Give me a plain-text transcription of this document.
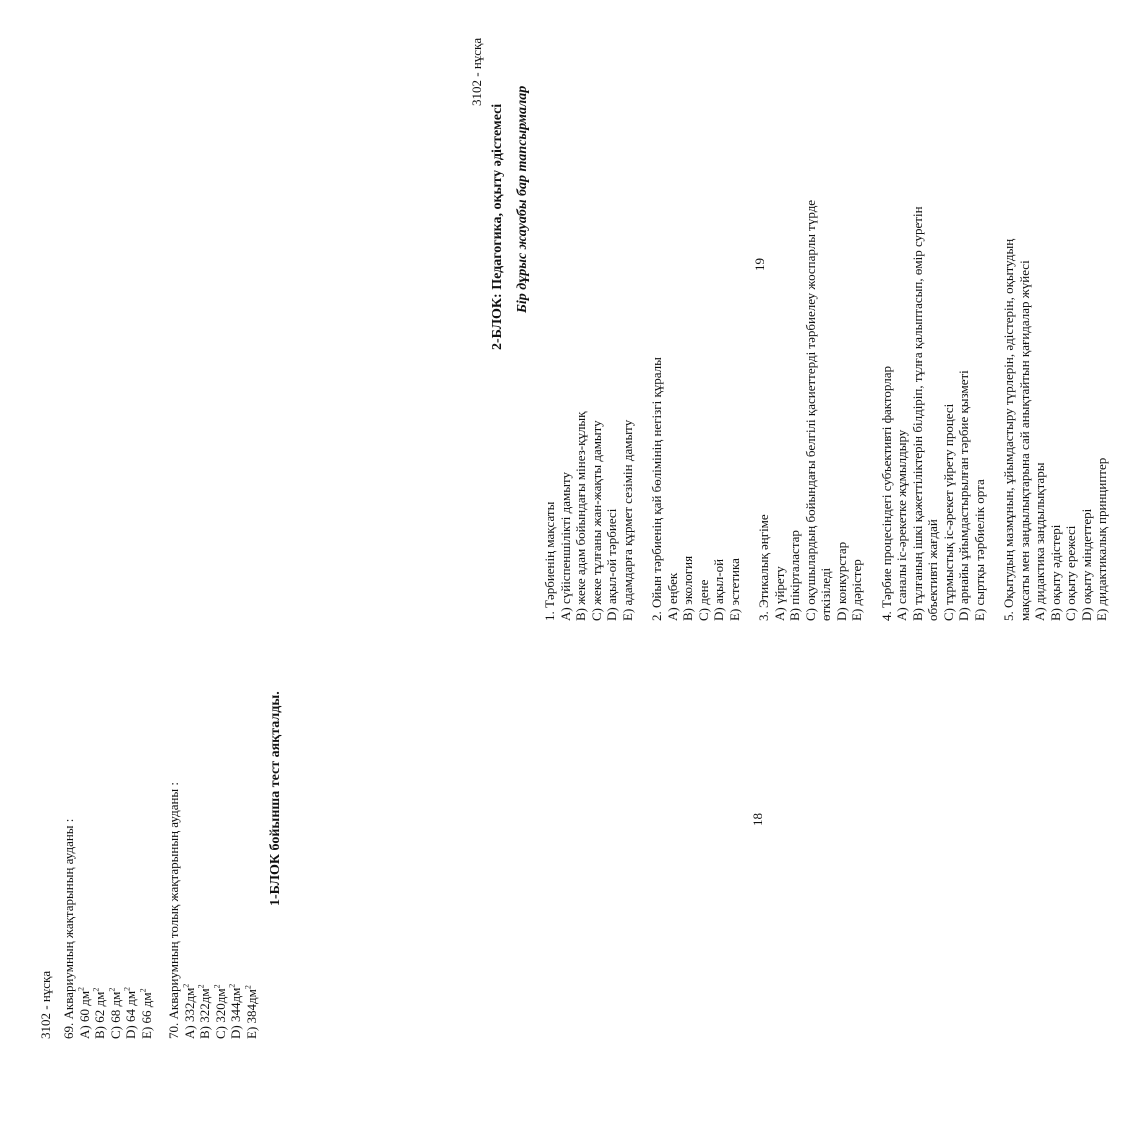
3102 - нұсқа 69. Аквариумның жақтарының ауданы : A) 60 $дм^2$
B) 62 $дм^2$
C) 68 $дм^2$
D) 64 $дм^2$
E) 66 $дм^2$	70. Аквариумның толық жақтарының ауданы : A) $332дм^2$
B) $322дм^2$
C) $320дм^2$
D) $344дм^2$
E) $384дм^2$
1-БЛОК бойынша тест аяқталды.	18
3102 - нұсқа
2-БЛОК: Педагогика, оқыту әдістемесі Бір дұрыс жауабы бар тапсырмалар
1. Тәрбиенің мақсаты A) сүйіспеншілікті дамыту B) жеке адам бойындағы мінез-құлық C) жеке тұлғаны жан-жақты дамыту D) ақыл-ой тәрбиесі E) адамдарға құрмет сезімін дамыту 2. Ойын тәрбиенің қай бөлімінің негізгі құралы A) еңбек B) экология C) дене D) ақыл-ой E) эстетика 3. Этикалық әңгіме A) үйрету B) пікірталастар C) оқушылардың бойындағы белгілі қасиеттерді тәрбиелеу жоспарлы түрде өткізіледі D) конкурстар E) дәрістер 4. Тәрбие процесіндегі субъективті факторлар A) саналы іс-әрекетке жұмылдыру B) тұлғаның ішкі қажеттіліктерін білдіріп, тұлға қалыптасып, өмір суретін объективті жағдай C) тұрмыстық іс-әрекет үйрету процесі D) арнайы ұйымдастырылған тәрбие қызметі E) сыртқы тәрбиелік орта 5. Оқытудың мазмұнын, ұйымдастыру түрлерін, әдістерін, оқытудың мақсаты мен заңдылықтарына сай анықтайтын қағидалар жүйесі A) дидактика заңдылықтары B) оқыту әдістері C) оқыту ережесі D) оқыту міндеттері E) дидактикалық принциптер
19
